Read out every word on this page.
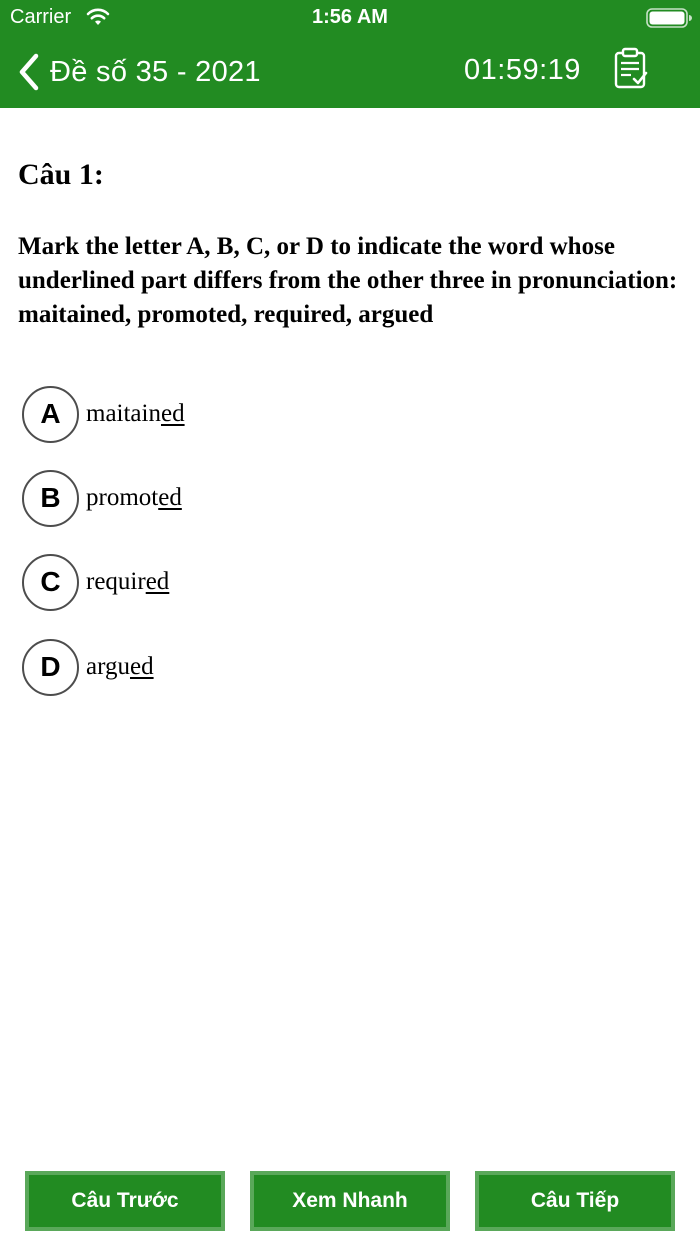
Carrier	1:56 AM
Đề số 35 - 2021	01:59:19
Câu 1:
Mark the letter A, B, C, or D to indicate the word whose underlined part differs from the other three in pronunciation: maitained, promoted, required, argued
A	maitained
B	promoted
C	required
D	argued
Câu Trước	Xem Nhanh	Câu Tiếp
